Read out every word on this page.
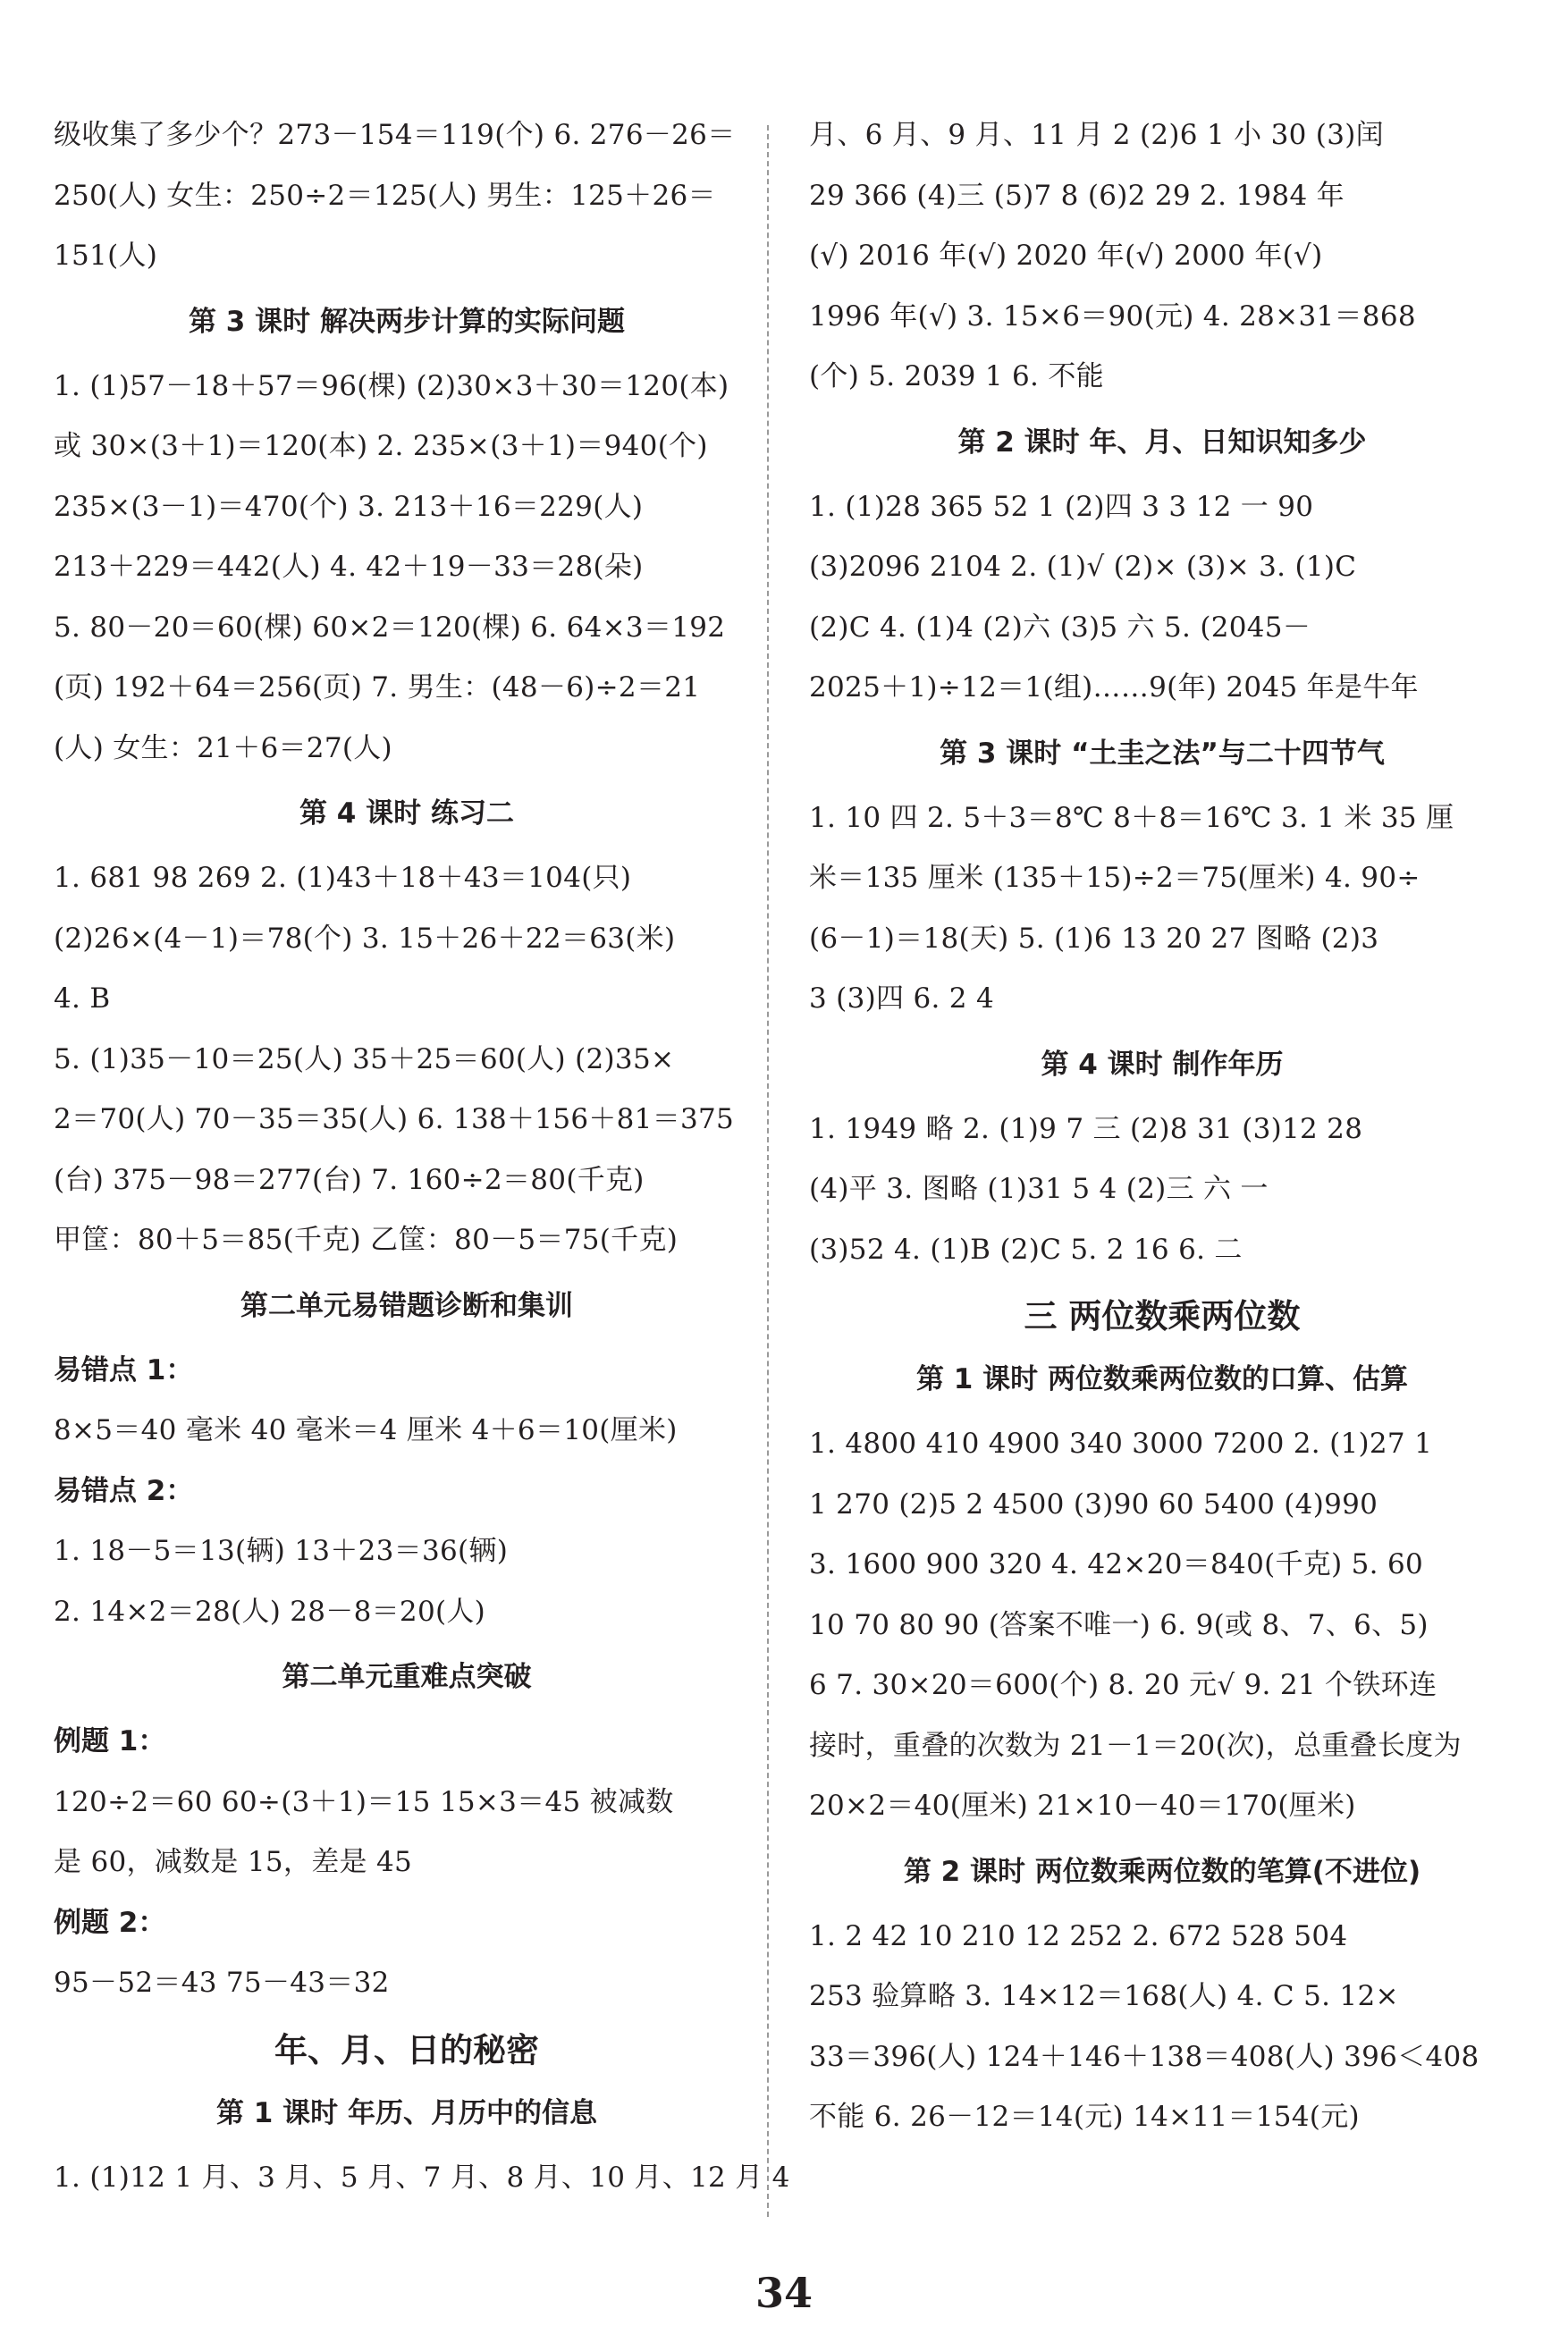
级收集了多少个？273－154＝119(个) 6. 276－26＝
250(人) 女生：250÷2＝125(人) 男生：125＋26＝
151(人)
第 3 课时 解决两步计算的实际问题
1. (1)57－18＋57＝96(棵) (2)30×3＋30＝120(本)
或 30×(3＋1)＝120(本) 2. 235×(3＋1)＝940(个)
235×(3－1)＝470(个) 3. 213＋16＝229(人)
213＋229＝442(人) 4. 42＋19－33＝28(朵)
5. 80－20＝60(棵) 60×2＝120(棵) 6. 64×3＝192
(页) 192＋64＝256(页) 7. 男生：(48－6)÷2＝21
(人) 女生：21＋6＝27(人)
第 4 课时 练习二
1. 681 98 269 2. (1)43＋18＋43＝104(只)
(2)26×(4－1)＝78(个) 3. 15＋26＋22＝63(米)
4. B
5. (1)35－10＝25(人) 35＋25＝60(人) (2)35×
2＝70(人) 70－35＝35(人) 6. 138＋156＋81＝375
(台) 375－98＝277(台) 7. 160÷2＝80(千克)
甲筐：80＋5＝85(千克) 乙筐：80－5＝75(千克)
第二单元易错题诊断和集训
易错点 1：
8×5＝40 毫米 40 毫米＝4 厘米 4＋6＝10(厘米)
易错点 2：
1. 18－5＝13(辆) 13＋23＝36(辆)
2. 14×2＝28(人) 28－8＝20(人)
第二单元重难点突破
例题 1：
120÷2＝60 60÷(3＋1)＝15 15×3＝45 被减数
是 60，减数是 15，差是 45
例题 2：
95－52＝43 75－43＝32
年、月、日的秘密
第 1 课时 年历、月历中的信息
1. (1)12 1 月、3 月、5 月、7 月、8 月、10 月、12 月 4
月、6 月、9 月、11 月 2 (2)6 1 小 30 (3)闰
29 366 (4)三 (5)7 8 (6)2 29 2. 1984 年
(√) 2016 年(√) 2020 年(√) 2000 年(√)
1996 年(√) 3. 15×6＝90(元) 4. 28×31＝868
(个) 5. 2039 1 6. 不能
第 2 课时 年、月、日知识知多少
1. (1)28 365 52 1 (2)四 3 3 12 一 90
(3)2096 2104 2. (1)√ (2)× (3)× 3. (1)C
(2)C 4. (1)4 (2)六 (3)5 六 5. (2045－
2025＋1)÷12＝1(组)……9(年) 2045 年是牛年
第 3 课时 “土圭之法”与二十四节气
1. 10 四 2. 5＋3＝8℃ 8＋8＝16℃ 3. 1 米 35 厘
米＝135 厘米 (135＋15)÷2＝75(厘米) 4. 90÷
(6－1)＝18(天) 5. (1)6 13 20 27 图略 (2)3
3 (3)四 6. 2 4
第 4 课时 制作年历
1. 1949 略 2. (1)9 7 三 (2)8 31 (3)12 28
(4)平 3. 图略 (1)31 5 4 (2)三 六 一
(3)52 4. (1)B (2)C 5. 2 16 6. 二
三 两位数乘两位数
第 1 课时 两位数乘两位数的口算、估算
1. 4800 410 4900 340 3000 7200 2. (1)27 1
1 270 (2)5 2 4500 (3)90 60 5400 (4)990
3. 1600 900 320 4. 42×20＝840(千克) 5. 60
10 70 80 90 (答案不唯一) 6. 9(或 8、7、6、5)
6 7. 30×20＝600(个) 8. 20 元√ 9. 21 个铁环连
接时，重叠的次数为 21－1＝20(次)，总重叠长度为
20×2＝40(厘米) 21×10－40＝170(厘米)
第 2 课时 两位数乘两位数的笔算(不进位)
1. 2 42 10 210 12 252 2. 672 528 504
253 验算略 3. 14×12＝168(人) 4. C 5. 12×
33＝396(人) 124＋146＋138＝408(人) 396＜408
不能 6. 26－12＝14(元) 14×11＝154(元)
34
